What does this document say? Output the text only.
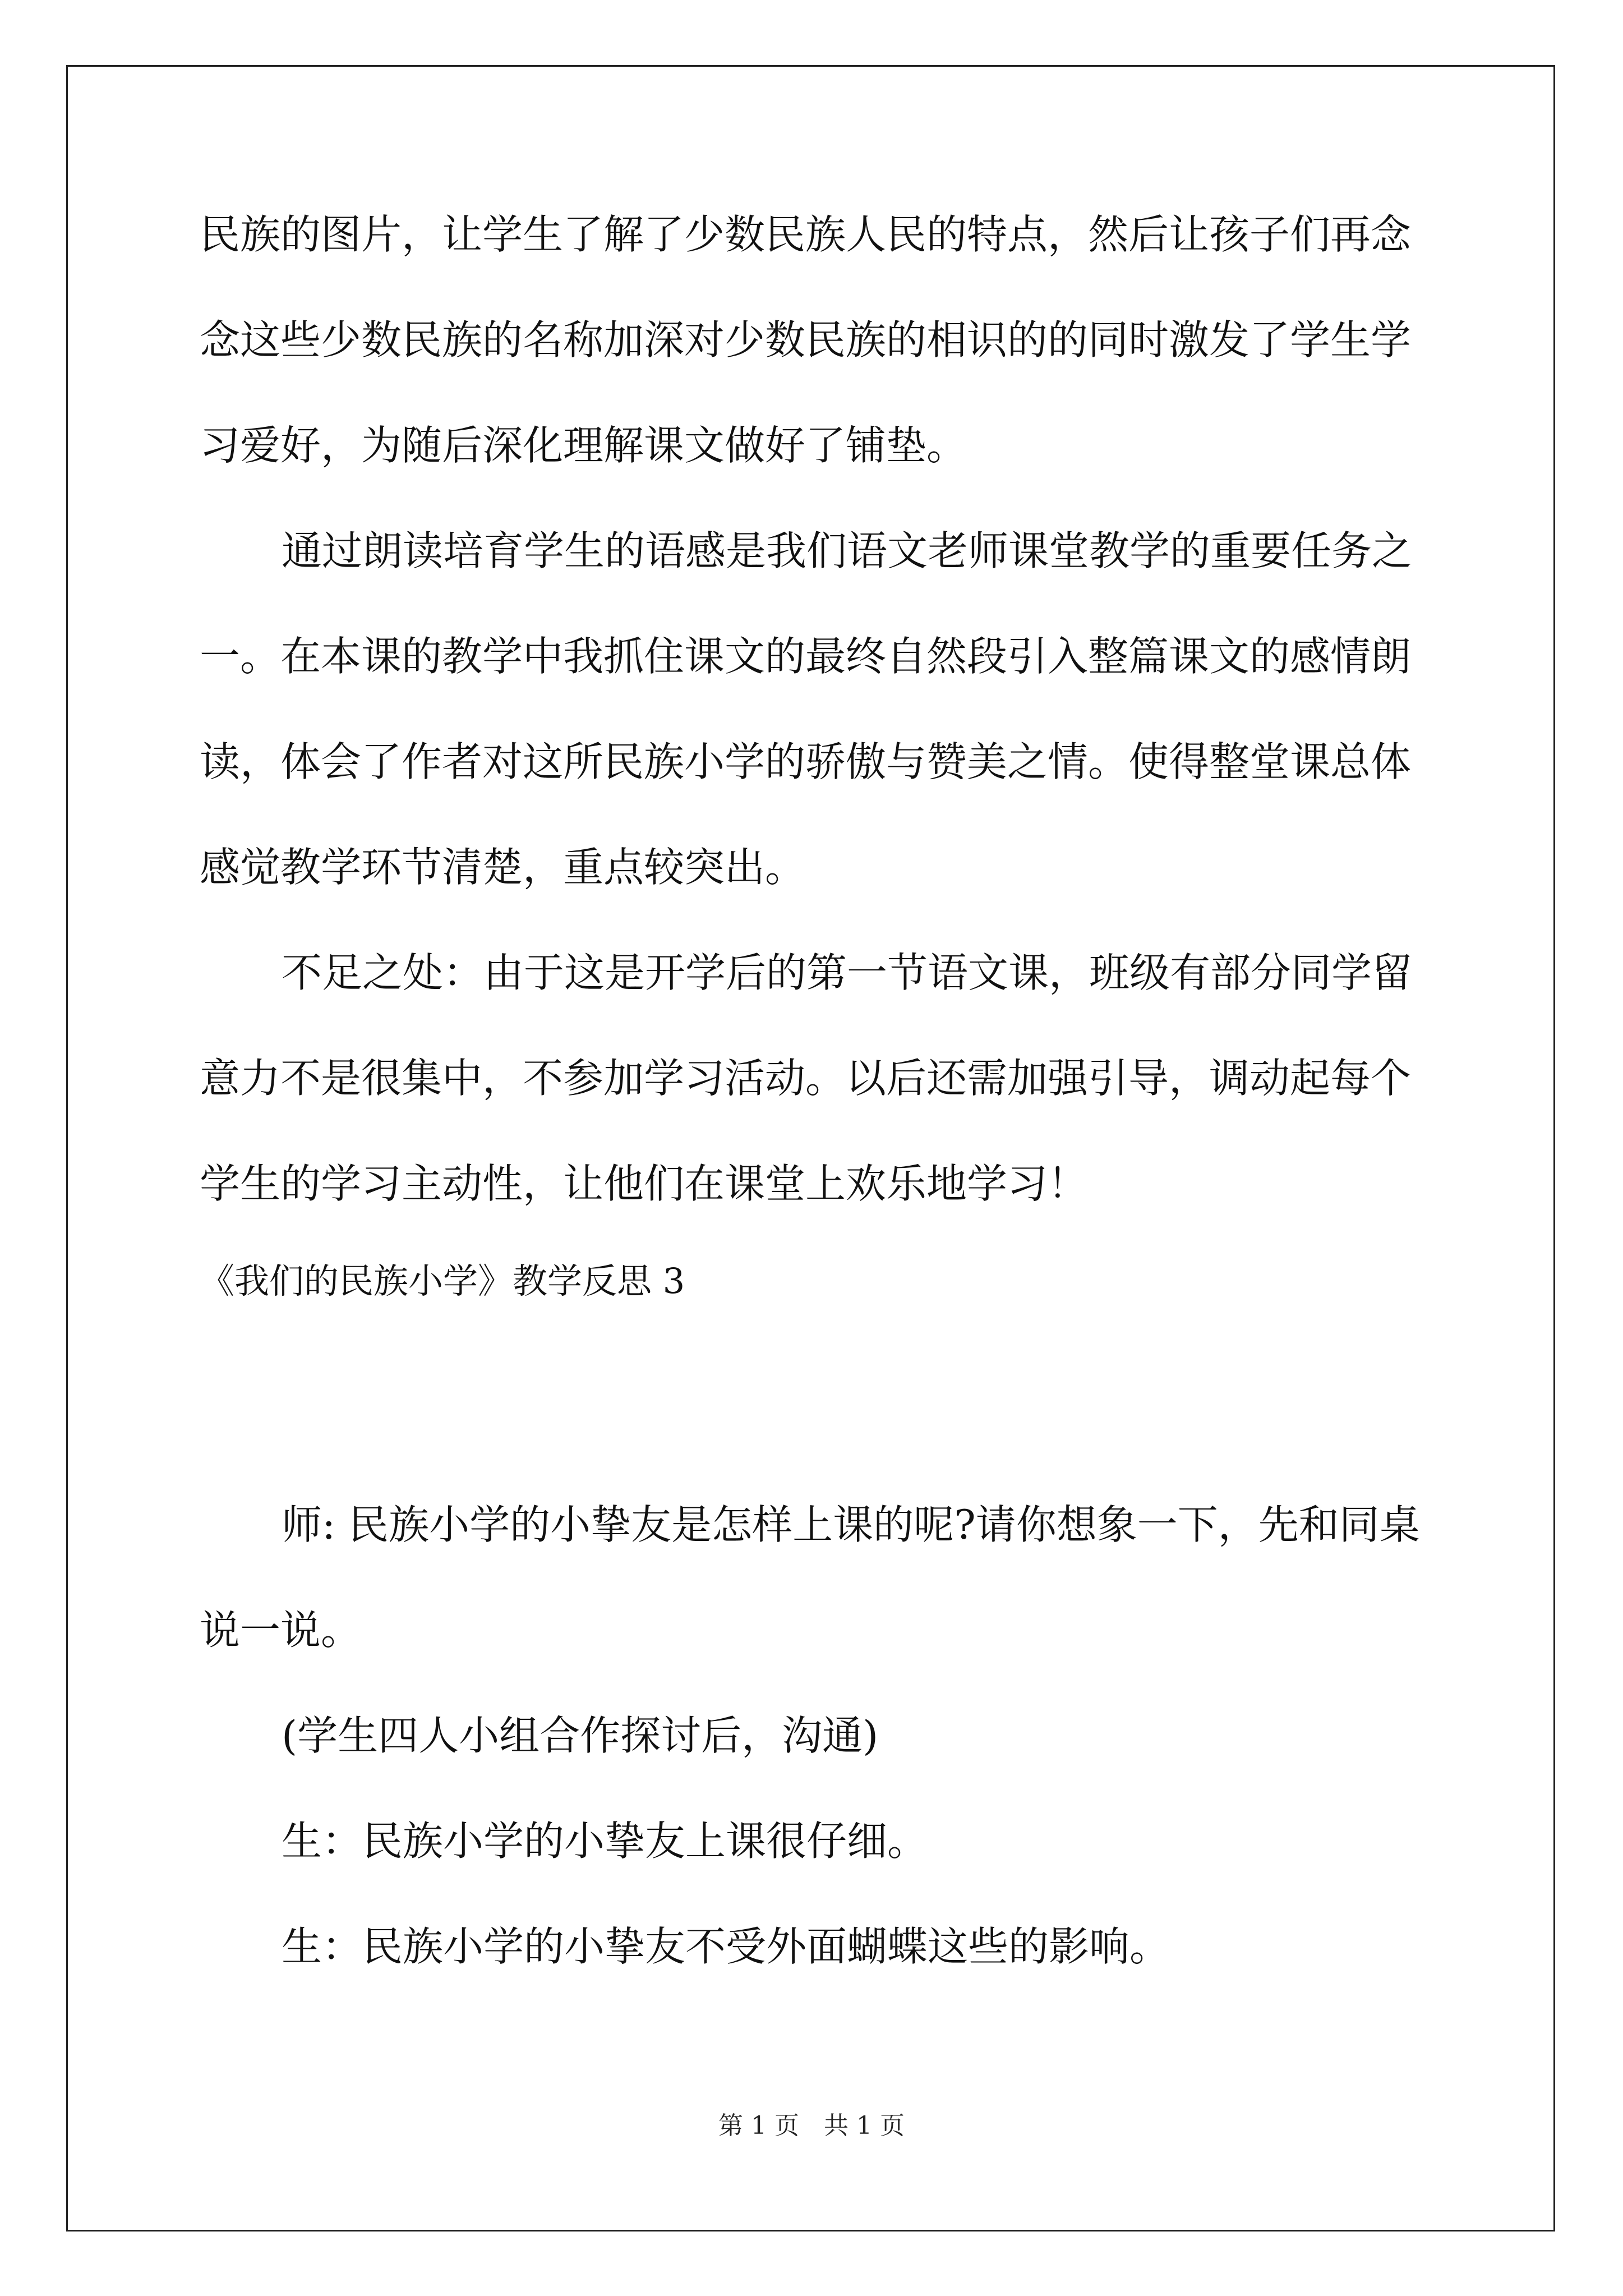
民族的图片，让学生了解了少数民族人民的特点，然后让孩子们再念
念这些少数民族的名称加深对少数民族的相识的的同时激发了学生学
习爱好，为随后深化理解课文做好了铺垫。
通过朗读培育学生的语感是我们语文老师课堂教学的重要任务之
一。在本课的教学中我抓住课文的最终自然段引入整篇课文的感情朗
读，体会了作者对这所民族小学的骄傲与赞美之情。使得整堂课总体
感觉教学环节清楚，重点较突出。
不足之处：由于这是开学后的第一节语文课，班级有部分同学留
意力不是很集中，不参加学习活动。以后还需加强引导，调动起每个
学生的学习主动性，让他们在课堂上欢乐地学习！
《我们的民族小学》教学反思 3
师: 民族小学的小挚友是怎样上课的呢?请你想象一下，先和同桌
说一说。
(学生四人小组合作探讨后，沟通)
生：民族小学的小挚友上课很仔细。
生：民族小学的小挚友不受外面蝴蝶这些的影响。
第 1 页　共 1 页
